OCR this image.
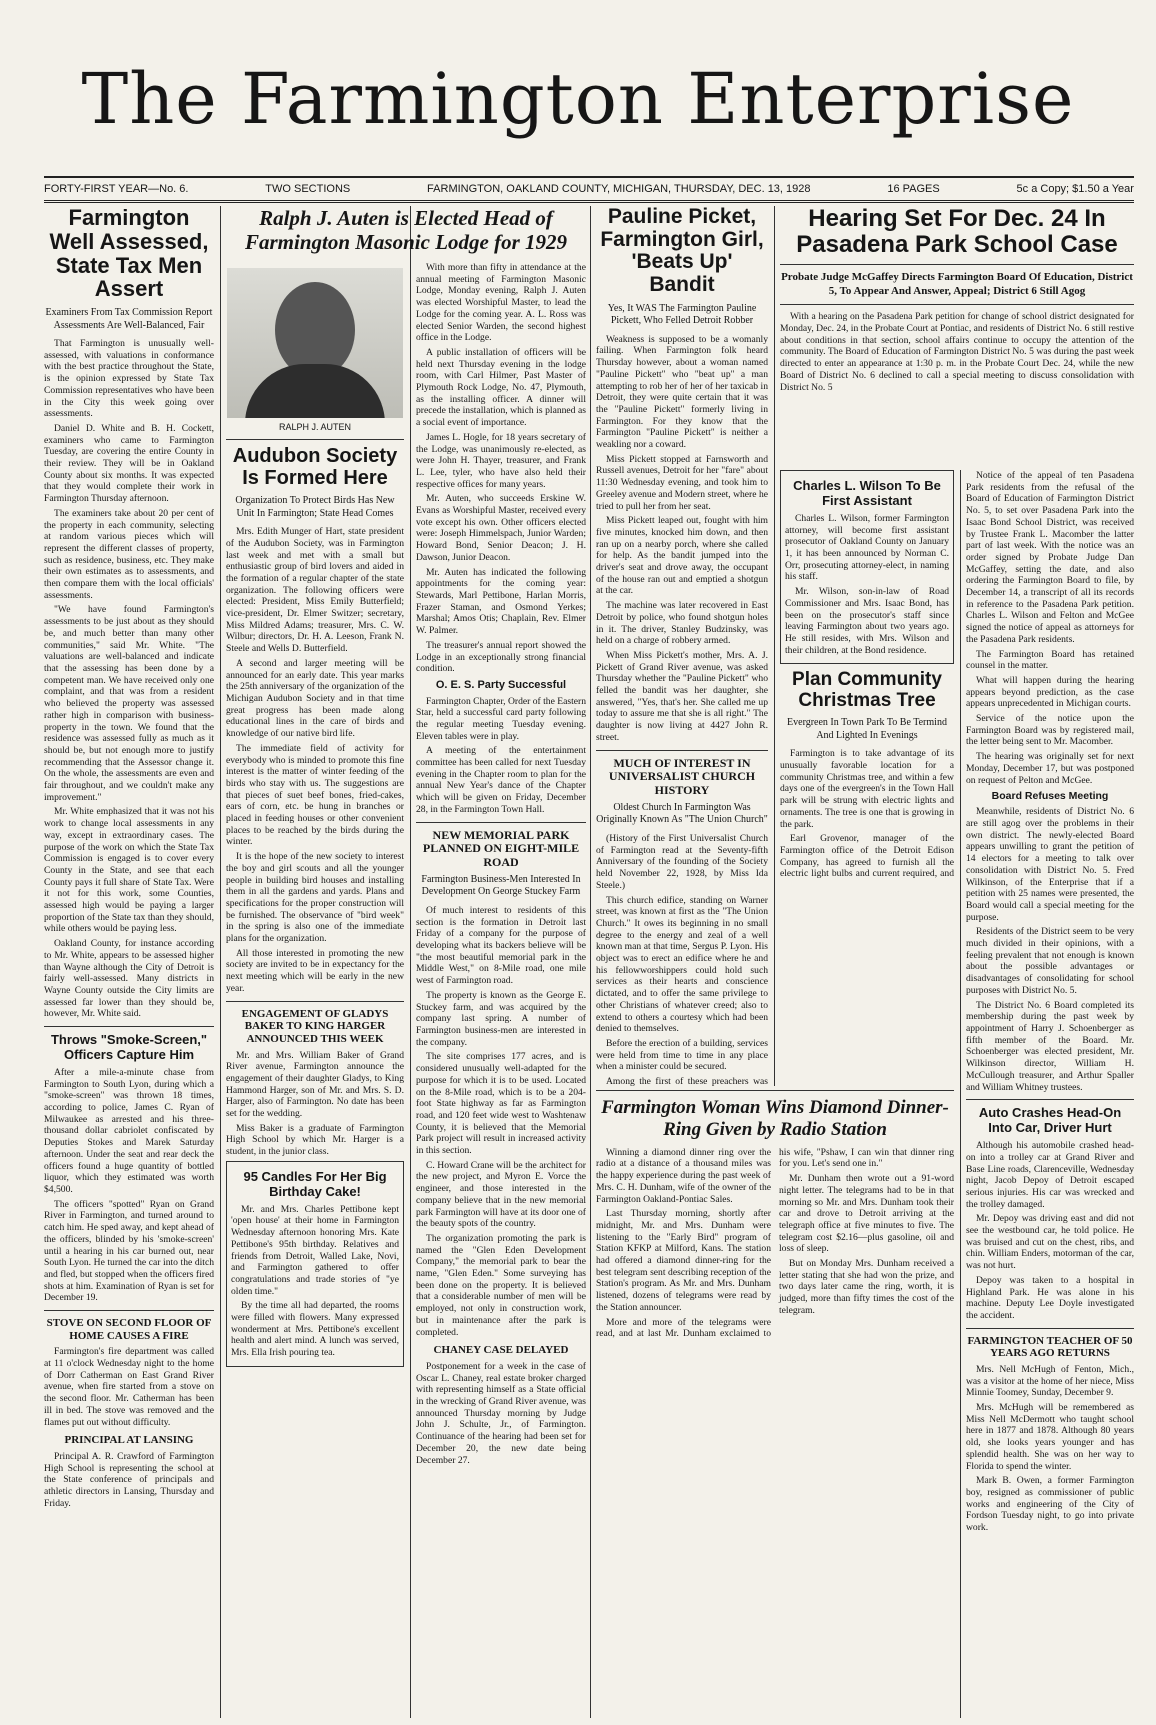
The Farmington Enterprise
FORTY-FIRST YEAR—No. 6.	TWO SECTIONS	FARMINGTON, OAKLAND COUNTY, MICHIGAN, THURSDAY, DEC. 13, 1928	16 PAGES	5c a Copy; $1.50 a Year
Farmington Well Assessed, State Tax Men Assert
Examiners From Tax Commission Report Assessments Are Well-Balanced, Fair

That Farmington is unusually well-assessed, with valuations in conformance with the best practice throughout the State, is the opinion expressed by State Tax Commission representatives who have been in the City this week going over assessments.

Daniel D. White and B. H. Cockett, examiners who came to Farmington Tuesday, are covering the entire County in their review. They will be in Oakland County about six months. It was expected that they would complete their work in Farmington Thursday afternoon.

The examiners take about 20 per cent of the property in each community, selecting at random various pieces which will represent the different classes of property, such as residence, business, etc. They make their own estimates as to assessments, and then compare them with the local officials' assessments.

"We have found Farmington's assessments to be just about as they should be, and much better than many other communities," said Mr. White. "The valuations are well-balanced and indicate that the assessing has been done by a competent man. We have received only one complaint, and that was from a resident who believed the property was assessed rather high in comparison with business-property in the town. We found that the residence was assessed fully as much as it should be, but not enough more to justify recommending that the Assessor change it. On the whole, the assessments are even and fair throughout, and we couldn't make any improvement."

Mr. White emphasized that it was not his work to change local assessments in any way, except in extraordinary cases. The purpose of the work on which the State Tax Commission is engaged is to cover every County in the State, and see that each County pays it full share of State Tax. Were it not for this work, some Counties, assessed high would be paying a larger proportion of the State tax than they should, while others would be paying less.

Oakland County, for instance according to Mr. White, appears to be assessed higher than Wayne although the City of Detroit is fairly well-assessed. Many districts in Wayne County outside the City limits are assessed far lower than they should be, however, Mr. White said.

Throws "Smoke-Screen," Officers Capture Him

After a mile-a-minute chase from Farmington to South Lyon, during which a "smoke-screen" was thrown 18 times, according to police, James C. Ryan of Milwaukee as arrested and his three-thousand dollar cabriolet confiscated by Deputies Stokes and Marek Saturday afternoon. Under the seat and rear deck the officers found a huge quantity of bottled liquor, which they estimated was worth $4,500.

The officers "spotted" Ryan on Grand River in Farmington, and turned around to catch him. He sped away, and kept ahead of the officers, blinded by his 'smoke-screen' until a hearing in his car burned out, near South Lyon. He turned the car into the ditch and fled, but stopped when the officers fired shots at him. Examination of Ryan is set for December 19.

STOVE ON SECOND FLOOR OF HOME CAUSES A FIRE

Farmington's fire department was called at 11 o'clock Wednesday night to the home of Dorr Catherman on East Grand River avenue, when fire started from a stove on the second floor. Mr. Catherman has been ill in bed. The stove was removed and the flames put out without difficulty.

PRINCIPAL AT LANSING

Principal A. R. Crawford of Farmington High School is representing the school at the State conference of principals and athletic directors in Lansing, Thursday and Friday.

Ralph J. Auten is Elected Head of Farmington Masonic Lodge for 1929
RALPH J. AUTEN
Audubon Society Is Formed Here
Organization To Protect Birds Has New Unit In Farmington; State Head Comes

Mrs. Edith Munger of Hart, state president of the Audubon Society, was in Farmington last week and met with a small but enthusiastic group of bird lovers and aided in the formation of a regular chapter of the state organization. The following officers were elected: President, Miss Emily Butterfield; vice-president, Dr. Elmer Switzer; secretary, Miss Mildred Adams; treasurer, Mrs. C. W. Wilbur; directors, Dr. H. A. Leeson, Frank N. Steele and Wells D. Butterfield.

A second and larger meeting will be announced for an early date. This year marks the 25th anniversary of the organization of the Michigan Audubon Society and in that time great progress has been made along educational lines in the care of birds and knowledge of our native bird life.

The immediate field of activity for everybody who is minded to promote this fine interest is the matter of winter feeding of the birds who stay with us. The suggestions are that pieces of suet beef bones, fried-cakes, ears of corn, etc. be hung in branches or placed in feeding houses or other convenient places to be reached by the birds during the winter.

It is the hope of the new society to interest the boy and girl scouts and all the younger people in building bird houses and installing them in all the gardens and yards. Plans and specifications for the proper construction will be furnished. The observance of "bird week" in the spring is also one of the immediate plans for the organization.

All those interested in promoting the new society are invited to be in expectancy for the next meeting which will be early in the new year.

ENGAGEMENT OF GLADYS BAKER TO KING HARGER ANNOUNCED THIS WEEK

Mr. and Mrs. William Baker of Grand River avenue, Farmington announce the engagement of their daughter Gladys, to King Hammond Harger, son of Mr. and Mrs. S. D. Harger, also of Farmington. No date has been set for the wedding.

Miss Baker is a graduate of Farmington High School by which Mr. Harger is a student, in the junior class.

95 Candles For Her Big Birthday Cake!

Mr. and Mrs. Charles Pettibone kept 'open house' at their home in Farmington Wednesday afternoon honoring Mrs. Kate Pettibone's 95th birthday. Relatives and friends from Detroit, Walled Lake, Novi, and Farmington gathered to offer congratulations and trade stories of "ye olden time."

By the time all had departed, the rooms were filled with flowers. Many expressed wonderment at Mrs. Pettibone's excellent health and alert mind. A lunch was served, Mrs. Ella Irish pouring tea.

With more than fifty in attendance at the annual meeting of Farmington Masonic Lodge, Monday evening, Ralph J. Auten was elected Worshipful Master, to lead the Lodge for the coming year. A. L. Ross was elected Senior Warden, the second highest office in the Lodge.

A public installation of officers will be held next Thursday evening in the lodge room, with Carl Hilmer, Past Master of Plymouth Rock Lodge, No. 47, Plymouth, as the installing officer. A dinner will precede the installation, which is planned as a social event of importance.

James L. Hogle, for 18 years secretary of the Lodge, was unanimously re-elected, as were John H. Thayer, treasurer, and Frank L. Lee, tyler, who have also held their respective offices for many years.

Mr. Auten, who succeeds Erskine W. Evans as Worshipful Master, received every vote except his own. Other officers elected were: Joseph Himmelspach, Junior Warden; Howard Bond, Senior Deacon; J. H. Dawson, Junior Deacon.

Mr. Auten has indicated the following appointments for the coming year: Stewards, Marl Pettibone, Harlan Morris, Frazer Staman, and Osmond Yerkes; Marshal; Amos Otis; Chaplain, Rev. Elmer W. Palmer.

The treasurer's annual report showed the Lodge in an exceptionally strong financial condition.

O. E. S. Party Successful

Farmington Chapter, Order of the Eastern Star, held a successful card party following the regular meeting Tuesday evening. Eleven tables were in play.

A meeting of the entertainment committee has been called for next Tuesday evening in the Chapter room to plan for the annual New Year's dance of the Chapter which will be given on Friday, December 28, in the Farmington Town Hall.

NEW MEMORIAL PARK PLANNED ON EIGHT-MILE ROAD
Farmington Business-Men Interested In Development On George Stuckey Farm

Of much interest to residents of this section is the formation in Detroit last Friday of a company for the purpose of developing what its backers believe will be "the most beautiful memorial park in the Middle West," on 8-Mile road, one mile west of Farmington road.

The property is known as the George E. Stuckey farm, and was acquired by the company last spring. A number of Farmington business-men are interested in the company.

The site comprises 177 acres, and is considered unusually well-adapted for the purpose for which it is to be used. Located on the 8-Mile road, which is to be a 204-foot State highway as far as Farmington road, and 120 feet wide west to Washtenaw County, it is believed that the Memorial Park project will result in increased activity in this section.

C. Howard Crane will be the architect for the new project, and Myron E. Vorce the engineer, and those interested in the company believe that in the new memorial park Farmington will have at its door one of the beauty spots of the country.

The organization promoting the park is named the "Glen Eden Development Company," the memorial park to bear the name, "Glen Eden." Some surveying has been done on the property. It is believed that a considerable number of men will be employed, not only in construction work, but in maintenance after the park is completed.

CHANEY CASE DELAYED

Postponement for a week in the case of Oscar L. Chaney, real estate broker charged with representing himself as a State official in the wrecking of Grand River avenue, was announced Thursday morning by Judge John J. Schulte, Jr., of Farmington. Continuance of the hearing had been set for December 20, the new date being December 27.

Pauline Picket, Farmington Girl, 'Beats Up' Bandit
Yes, It WAS The Farmington Pauline Pickett, Who Felled Detroit Robber

Weakness is supposed to be a womanly failing. When Farmington folk heard Thursday however, about a woman named "Pauline Pickett" who "beat up" a man attempting to rob her of her of her taxicab in Detroit, they were quite certain that it was the "Pauline Pickett" formerly living in Farmington. For they know that the Farmington "Pauline Pickett" is neither a weakling nor a coward.

Miss Pickett stopped at Farnsworth and Russell avenues, Detroit for her "fare" about 11:30 Wednesday evening, and took him to Greeley avenue and Modern street, where he tried to pull her from her seat.

Miss Pickett leaped out, fought with him five minutes, knocked him down, and then ran up on a nearby porch, where she called for help. As the bandit jumped into the driver's seat and drove away, the occupant of the house ran out and emptied a shotgun at the car.

The machine was later recovered in East Detroit by police, who found shotgun holes in it. The driver, Stanley Budzinsky, was held on a charge of robbery armed.

When Miss Pickett's mother, Mrs. A. J. Pickett of Grand River avenue, was asked Thursday whether the "Pauline Pickett" who felled the bandit was her daughter, she answered, "Yes, that's her. She called me up today to assure me that she is all right." The daughter is now living at 4427 John R. street.

MUCH OF INTEREST IN UNIVERSALIST CHURCH HISTORY
Oldest Church In Farmington Was Originally Known As "The Union Church"

(History of the First Universalist Church of Farmington read at the Seventy-fifth Anniversary of the founding of the Society held November 22, 1928, by Miss Ida Steele.)

This church edifice, standing on Warner street, was known at first as the "The Union Church." It owes its beginning in no small degree to the energy and zeal of a well known man at that time, Sergus P. Lyon. His object was to erect an edifice where he and his fellowworshippers could hold such services as their hearts and conscience dictated, and to offer the same privilege to other Christians of whatever creed; also to extend to others a courtesy which had been denied to themselves.

Before the erection of a building, services were held from time to time in any place when a minister could be secured.

Among the first of these preachers was

Hearing Set For Dec. 24 In Pasadena Park School Case
Probate Judge McGaffey Directs Farmington Board Of Education, District 5, To Appear And Answer, Appeal; District 6 Still Agog

With a hearing on the Pasadena Park petition for change of school district designated for Monday, Dec. 24, in the Probate Court at Pontiac, and residents of District No. 6 still restive about conditions in that section, school affairs continue to occupy the attention of the community. The Board of Education of Farmington District No. 5 was during the past week directed to enter an appearance at 1:30 p. m. in the Probate Court Dec. 24, while the new Board of District No. 6 declined to call a special meeting to discuss consolidation with District No. 5

Charles L. Wilson To Be First Assistant

Charles L. Wilson, former Farmington attorney, will become first assistant prosecutor of Oakland County on January 1, it has been announced by Norman C. Orr, prosecuting attorney-elect, in naming his staff.

Mr. Wilson, son-in-law of Road Commissioner and Mrs. Isaac Bond, has been on the prosecutor's staff since leaving Farmington about two years ago. He still resides, with Mrs. Wilson and their children, at the Bond residence.

Plan Community Christmas Tree
Evergreen In Town Park To Be Termind And Lighted In Evenings

Farmington is to take advantage of its unusually favorable location for a community Christmas tree, and within a few days one of the evergreen's in the Town Hall park will be strung with electric lights and ornaments. The tree is one that is growing in the park.

Earl Grovenor, manager of the Farmington office of the Detroit Edison Company, has agreed to furnish all the electric light bulbs and current required, and

Notice of the appeal of ten Pasadena Park residents from the refusal of the Board of Education of Farmington District No. 5, to set over Pasadena Park into the Isaac Bond School District, was received by Trustee Frank L. Macomber the latter part of last week. With the notice was an order signed by Probate Judge Dan McGaffey, setting the date, and also ordering the Farmington Board to file, by December 14, a transcript of all its records in reference to the Pasadena Park petition. Charles L. Wilson and Felton and McGee signed the notice of appeal as attorneys for the Pasadena Park residents.

The Farmington Board has retained counsel in the matter.

What will happen during the hearing appears beyond prediction, as the case appears unprecedented in Michigan courts.

Service of the notice upon the Farmington Board was by registered mail, the letter being sent to Mr. Macomber.

The hearing was originally set for next Monday, December 17, but was postponed on request of Pelton and McGee.

Board Refuses Meeting

Meanwhile, residents of District No. 6 are still agog over the problems in their own district. The newly-elected Board appears unwilling to grant the petition of 14 electors for a meeting to talk over consolidation with District No. 5. Fred Wilkinson, of the Enterprise that if a petition with 25 names were presented, the Board would call a special meeting for the purpose.

Residents of the District seem to be very much divided in their opinions, with a feeling prevalent that not enough is known about the possible advantages or disadvantages of consolidating for school purposes with District No. 5.

The District No. 6 Board completed its membership during the past week by appointment of Harry J. Schoenberger as fifth member of the Board. Mr. Schoenberger was elected president, Mr. Wilkinson director, William H. McCullough treasurer, and Arthur Spaller and William Whitney trustees.

Auto Crashes Head-On Into Car, Driver Hurt

Although his automobile crashed head-on into a trolley car at Grand River and Base Line roads, Clarenceville, Wednesday night, Jacob Depoy of Detroit escaped serious injuries. His car was wrecked and the trolley damaged.

Mr. Depoy was driving east and did not see the westbound car, he told police. He was bruised and cut on the chest, ribs, and chin. William Enders, motorman of the car, was not hurt.

Depoy was taken to a hospital in Highland Park. He was alone in his machine. Deputy Lee Doyle investigated the accident.

FARMINGTON TEACHER OF 50 YEARS AGO RETURNS

Mrs. Nell McHugh of Fenton, Mich., was a visitor at the home of her niece, Miss Minnie Toomey, Sunday, December 9.

Mrs. McHugh will be remembered as Miss Nell McDermott who taught school here in 1877 and 1878. Although 80 years old, she looks years younger and has splendid health. She was on her way to Florida to spend the winter.

Mark B. Owen, a former Farmington boy, resigned as commissioner of public works and engineering of the City of Fordson Tuesday night, to go into private work.

Farmington Woman Wins Diamond Dinner-Ring Given by Radio Station

Winning a diamond dinner ring over the radio at a distance of a thousand miles was the happy experience during the past week of Mrs. C. H. Dunham, wife of the owner of the Farmington Oakland-Pontiac Sales.

Last Thursday morning, shortly after midnight, Mr. and Mrs. Dunham were listening to the "Early Bird" program of Station KFKP at Milford, Kans. The station had offered a diamond dinner-ring for the best telegram sent describing reception of the Station's program. As Mr. and Mrs. Dunham listened, dozens of telegrams were read by the Station announcer.

More and more of the telegrams were read, and at last Mr. Dunham exclaimed to his wife, "Pshaw, I can win that dinner ring for you. Let's send one in."

Mr. Dunham then wrote out a 91-word night letter. The telegrams had to be in that morning so Mr. and Mrs. Dunham took their car and drove to Detroit arriving at the telegraph office at five minutes to five. The telegram cost $2.16—plus gasoline, oil and loss of sleep.

But on Monday Mrs. Dunham received a letter stating that she had won the prize, and two days later came the ring, worth, it is judged, more than fifty times the cost of the telegram.
